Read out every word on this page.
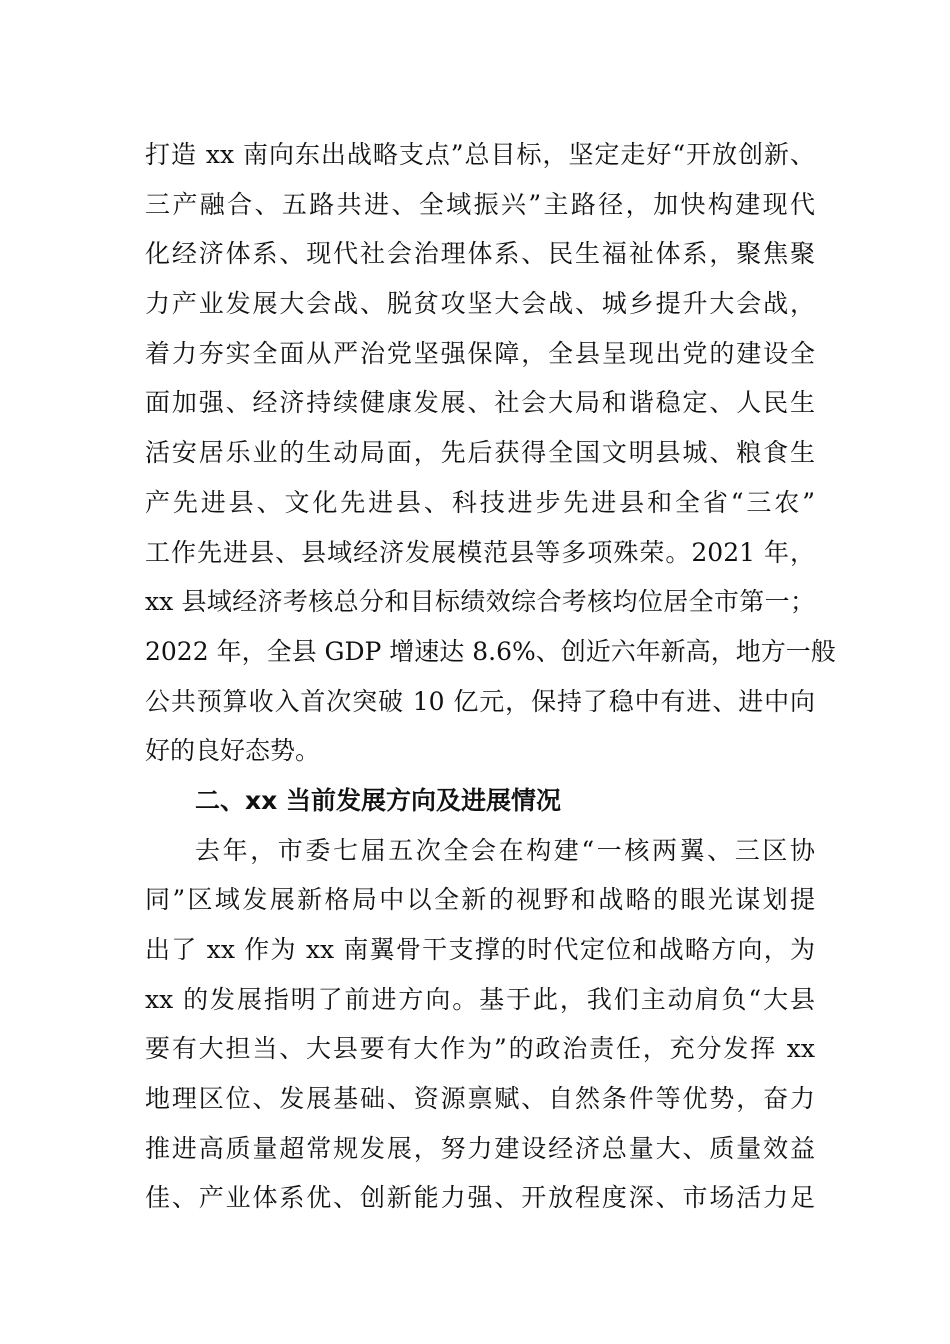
打造 xx 南向东出战略支点”总目标，坚定走好“开放创新、
三产融合、五路共进、全域振兴”主路径，加快构建现代
化经济体系、现代社会治理体系、民生福祉体系，聚焦聚
力产业发展大会战、脱贫攻坚大会战、城乡提升大会战，
着力夯实全面从严治党坚强保障，全县呈现出党的建设全
面加强、经济持续健康发展、社会大局和谐稳定、人民生
活安居乐业的生动局面，先后获得全国文明县城、粮食生
产先进县、文化先进县、科技进步先进县和全省“三农”
工作先进县、县域经济发展模范县等多项殊荣。2021 年，
xx 县域经济考核总分和目标绩效综合考核均位居全市第一；
2022 年，全县 GDP 增速达 8.6%、创近六年新高，地方一般
公共预算收入首次突破 10 亿元，保持了稳中有进、进中向
好的良好态势。
二、xx 当前发展方向及进展情况
去年，市委七届五次全会在构建“一核两翼、三区协
同”区域发展新格局中以全新的视野和战略的眼光谋划提
出了 xx 作为 xx 南翼骨干支撑的时代定位和战略方向，为
xx 的发展指明了前进方向。基于此，我们主动肩负“大县
要有大担当、大县要有大作为”的政治责任，充分发挥 xx
地理区位、发展基础、资源禀赋、自然条件等优势，奋力
推进高质量超常规发展，努力建设经济总量大、质量效益
佳、产业体系优、创新能力强、开放程度深、市场活力足
